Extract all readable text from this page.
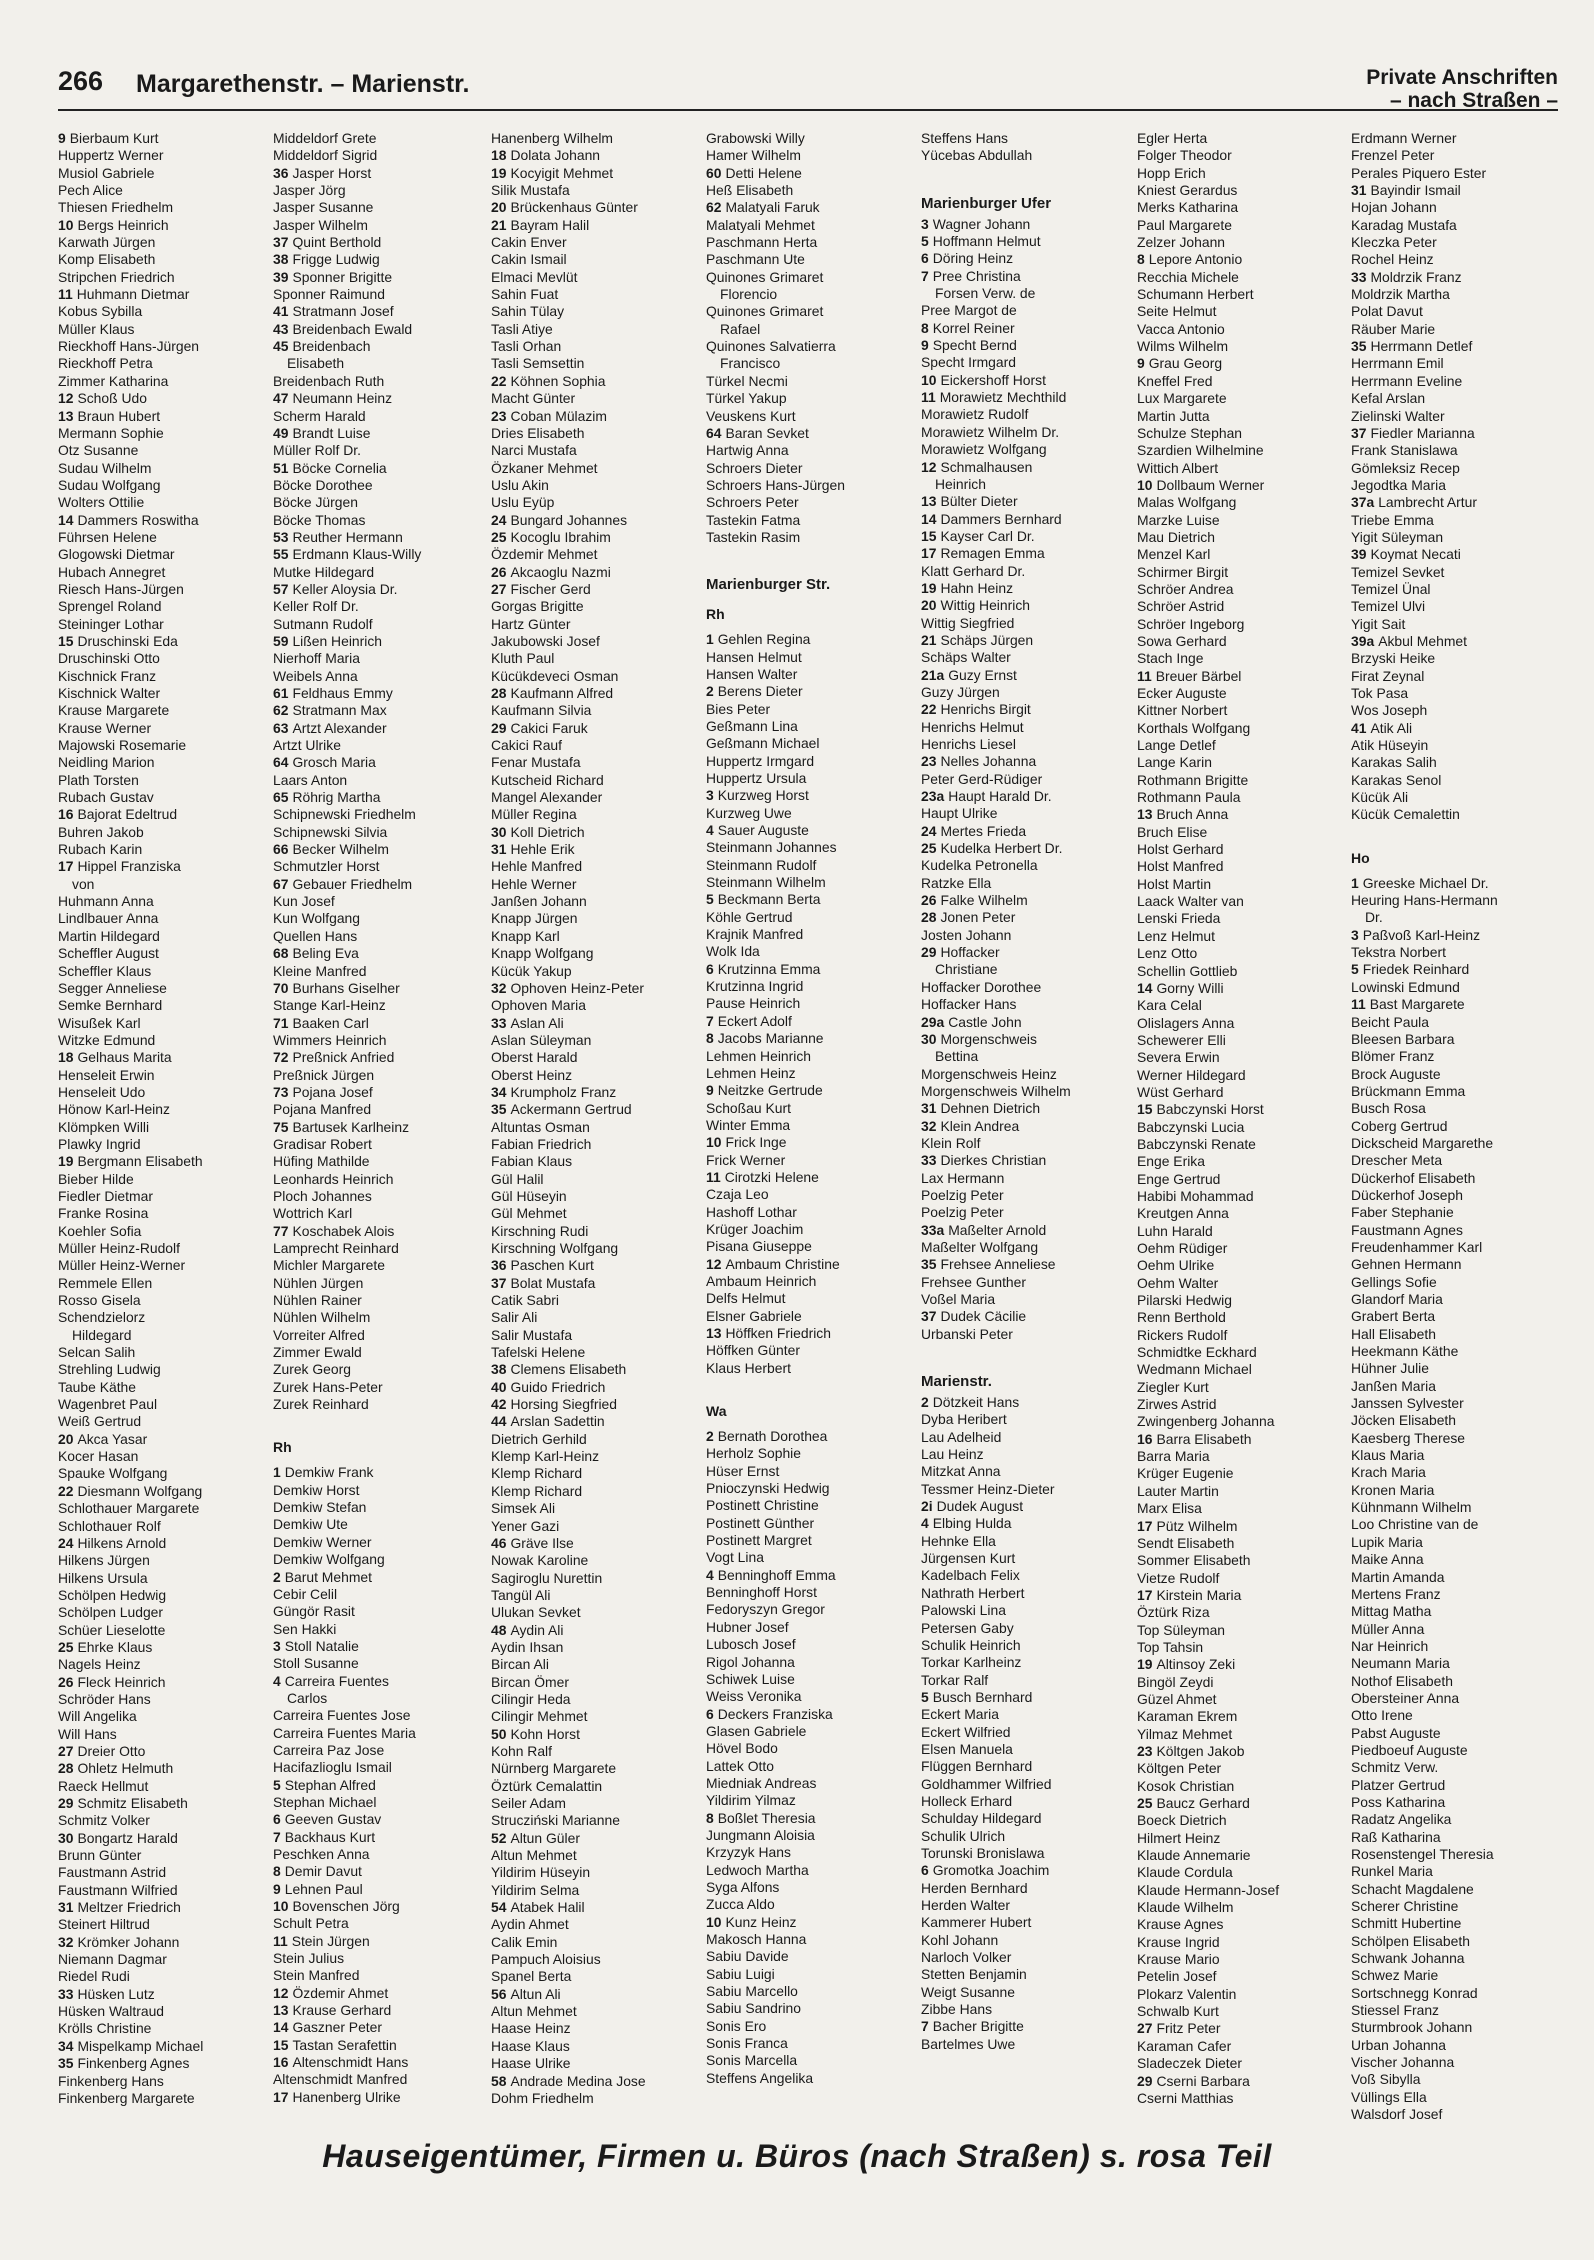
266 Margarethenstr. – Marienstr.	Private Anschriften
– nach Straßen –
9 Bierbaum Kurt
Huppertz Werner
Musiol Gabriele
Pech Alice
Thiesen Friedhelm
10 Bergs Heinrich
Karwath Jürgen
Komp Elisabeth
Stripchen Friedrich
11 Huhmann Dietmar
Kobus Sybilla
Müller Klaus
Rieckhoff Hans-Jürgen
Rieckhoff Petra
Zimmer Katharina
12 Schoß Udo
13 Braun Hubert
Mermann Sophie
Otz Susanne
Sudau Wilhelm
Sudau Wolfgang
Wolters Ottilie
14 Dammers Roswitha
Führsen Helene
Glogowski Dietmar
Hubach Annegret
Riesch Hans-Jürgen
Sprengel Roland
Steininger Lothar
15 Druschinski Eda
Druschinski Otto
Kischnick Franz
Kischnick Walter
Krause Margarete
Krause Werner
Majowski Rosemarie
Neidling Marion
Plath Torsten
Rubach Gustav
16 Bajorat Edeltrud
Buhren Jakob
Rubach Karin
17 Hippel Franziska
von
Huhmann Anna
Lindlbauer Anna
Martin Hildegard
Scheffler August
Scheffler Klaus
Segger Anneliese
Semke Bernhard
Wisußek Karl
Witzke Edmund
18 Gelhaus Marita
Henseleit Erwin
Henseleit Udo
Hönow Karl-Heinz
Klömpken Willi
Plawky Ingrid
19 Bergmann Elisabeth
Bieber Hilde
Fiedler Dietmar
Franke Rosina
Koehler Sofia
Müller Heinz-Rudolf
Müller Heinz-Werner
Remmele Ellen
Rosso Gisela
Schendzielorz
Hildegard
Selcan Salih
Strehling Ludwig
Taube Käthe
Wagenbret Paul
Weiß Gertrud
20 Akca Yasar
Kocer Hasan
Spauke Wolfgang
22 Diesmann Wolfgang
Schlothauer Margarete
Schlothauer Rolf
24 Hilkens Arnold
Hilkens Jürgen
Hilkens Ursula
Schölpen Hedwig
Schölpen Ludger
Schüer Lieselotte
25 Ehrke Klaus
Nagels Heinz
26 Fleck Heinrich
Schröder Hans
Will Angelika
Will Hans
27 Dreier Otto
28 Ohletz Helmuth
Raeck Hellmut
29 Schmitz Elisabeth
Schmitz Volker
30 Bongartz Harald
Brunn Günter
Faustmann Astrid
Faustmann Wilfried
31 Meltzer Friedrich
Steinert Hiltrud
32 Krömker Johann
Niemann Dagmar
Riedel Rudi
33 Hüsken Lutz
Hüsken Waltraud
Krölls Christine
34 Mispelkamp Michael
35 Finkenberg Agnes
Finkenberg Hans
Finkenberg Margarete
Middeldorf Grete
Middeldorf Sigrid
36 Jasper Horst
Jasper Jörg
Jasper Susanne
Jasper Wilhelm
37 Quint Berthold
38 Frigge Ludwig
39 Sponner Brigitte
Sponner Raimund
41 Stratmann Josef
43 Breidenbach Ewald
45 Breidenbach
Elisabeth
Breidenbach Ruth
47 Neumann Heinz
Scherm Harald
49 Brandt Luise
Müller Rolf Dr.
51 Böcke Cornelia
Böcke Dorothee
Böcke Jürgen
Böcke Thomas
53 Reuther Hermann
55 Erdmann Klaus-Willy
Mutke Hildegard
57 Keller Aloysia Dr.
Keller Rolf Dr.
Sutmann Rudolf
59 Lißen Heinrich
Nierhoff Maria
Weibels Anna
61 Feldhaus Emmy
62 Stratmann Max
63 Artzt Alexander
Artzt Ulrike
64 Grosch Maria
Laars Anton
65 Röhrig Martha
Schipnewski Friedhelm
Schipnewski Silvia
66 Becker Wilhelm
Schmutzler Horst
67 Gebauer Friedhelm
Kun Josef
Kun Wolfgang
Quellen Hans
68 Beling Eva
Kleine Manfred
70 Burhans Giselher
Stange Karl-Heinz
71 Baaken Carl
Wimmers Heinrich
72 Preßnick Anfried
Preßnick Jürgen
73 Pojana Josef
Pojana Manfred
75 Bartusek Karlheinz
Gradisar Robert
Hüfing Mathilde
Leonhards Heinrich
Ploch Johannes
Wottrich Karl
77 Koschabek Alois
Lamprecht Reinhard
Michler Margarete
Nühlen Jürgen
Nühlen Rainer
Nühlen Wilhelm
Vorreiter Alfred
Zimmer Ewald
Zurek Georg
Zurek Hans-Peter
Zurek Reinhard
Rh
1 Demkiw Frank
Demkiw Horst
Demkiw Stefan
Demkiw Ute
Demkiw Werner
Demkiw Wolfgang
2 Barut Mehmet
Cebir Celil
Güngör Rasit
Sen Hakki
3 Stoll Natalie
Stoll Susanne
4 Carreira Fuentes
Carlos
Carreira Fuentes Jose
Carreira Fuentes Maria
Carreira Paz Jose
Hacifazlioglu Ismail
5 Stephan Alfred
Stephan Michael
6 Geeven Gustav
7 Backhaus Kurt
Peschken Anna
8 Demir Davut
9 Lehnen Paul
10 Bovenschen Jörg
Schult Petra
11 Stein Jürgen
Stein Julius
Stein Manfred
12 Özdemir Ahmet
13 Krause Gerhard
14 Gaszner Peter
15 Tastan Serafettin
16 Altenschmidt Hans
Altenschmidt Manfred
17 Hanenberg Ulrike
Hanenberg Wilhelm
18 Dolata Johann
19 Kocyigit Mehmet
Silik Mustafa
20 Brückenhaus Günter
21 Bayram Halil
Cakin Enver
Cakin Ismail
Elmaci Mevlüt
Sahin Fuat
Sahin Tülay
Tasli Atiye
Tasli Orhan
Tasli Semsettin
22 Köhnen Sophia
Macht Günter
23 Coban Mülazim
Dries Elisabeth
Narci Mustafa
Özkaner Mehmet
Uslu Akin
Uslu Eyüp
24 Bungard Johannes
25 Kocoglu Ibrahim
Özdemir Mehmet
26 Akcaoglu Nazmi
27 Fischer Gerd
Gorgas Brigitte
Hartz Günter
Jakubowski Josef
Kluth Paul
Kücükdeveci Osman
28 Kaufmann Alfred
Kaufmann Silvia
29 Cakici Faruk
Cakici Rauf
Fenar Mustafa
Kutscheid Richard
Mangel Alexander
Müller Regina
30 Koll Dietrich
31 Hehle Erik
Hehle Manfred
Hehle Werner
Janßen Johann
Knapp Jürgen
Knapp Karl
Knapp Wolfgang
Kücük Yakup
32 Ophoven Heinz-Peter
Ophoven Maria
33 Aslan Ali
Aslan Süleyman
Oberst Harald
Oberst Heinz
34 Krumpholz Franz
35 Ackermann Gertrud
Altuntas Osman
Fabian Friedrich
Fabian Klaus
Gül Halil
Gül Hüseyin
Gül Mehmet
Kirschning Rudi
Kirschning Wolfgang
36 Paschen Kurt
37 Bolat Mustafa
Catik Sabri
Salir Ali
Salir Mustafa
Tafelski Helene
38 Clemens Elisabeth
40 Guido Friedrich
42 Horsing Siegfried
44 Arslan Sadettin
Dietrich Gerhild
Klemp Karl-Heinz
Klemp Richard
Klemp Richard
Simsek Ali
Yener Gazi
46 Gräve Ilse
Nowak Karoline
Sagiroglu Nurettin
Tangül Ali
Ulukan Sevket
48 Aydin Ali
Aydin Ihsan
Bircan Ali
Bircan Ömer
Cilingir Heda
Cilingir Mehmet
50 Kohn Horst
Kohn Ralf
Nürnberg Margarete
Öztürk Cemalattin
Seiler Adam
Strucziński Marianne
52 Altun Güler
Altun Mehmet
Yildirim Hüseyin
Yildirim Selma
54 Atabek Halil
Aydin Ahmet
Calik Emin
Pampuch Aloisius
Spanel Berta
56 Altun Ali
Altun Mehmet
Haase Heinz
Haase Klaus
Haase Ulrike
58 Andrade Medina Jose
Dohm Friedhelm
Grabowski Willy
Hamer Wilhelm
60 Detti Helene
Heß Elisabeth
62 Malatyali Faruk
Malatyali Mehmet
Paschmann Herta
Paschmann Ute
Quinones Grimaret
Florencio
Quinones Grimaret
Rafael
Quinones Salvatierra
Francisco
Türkel Necmi
Türkel Yakup
Veuskens Kurt
64 Baran Sevket
Hartwig Anna
Schroers Dieter
Schroers Hans-Jürgen
Schroers Peter
Tastekin Fatma
Tastekin Rasim
Marienburger Str.
Rh
1 Gehlen Regina
Hansen Helmut
Hansen Walter
2 Berens Dieter
Bies Peter
Geßmann Lina
Geßmann Michael
Huppertz Irmgard
Huppertz Ursula
3 Kurzweg Horst
Kurzweg Uwe
4 Sauer Auguste
Steinmann Johannes
Steinmann Rudolf
Steinmann Wilhelm
5 Beckmann Berta
Köhle Gertrud
Krajnik Manfred
Wolk Ida
6 Krutzinna Emma
Krutzinna Ingrid
Pause Heinrich
7 Eckert Adolf
8 Jacobs Marianne
Lehmen Heinrich
Lehmen Heinz
9 Neitzke Gertrude
Schoßau Kurt
Winter Emma
10 Frick Inge
Frick Werner
11 Cirotzki Helene
Czaja Leo
Hashoff Lothar
Krüger Joachim
Pisana Giuseppe
12 Ambaum Christine
Ambaum Heinrich
Delfs Helmut
Elsner Gabriele
13 Höffken Friedrich
Höffken Günter
Klaus Herbert
Wa
2 Bernath Dorothea
Herholz Sophie
Hüser Ernst
Pnioczynski Hedwig
Postinett Christine
Postinett Günther
Postinett Margret
Vogt Lina
4 Benninghoff Emma
Benninghoff Horst
Fedoryszyn Gregor
Hubner Josef
Lubosch Josef
Rigol Johanna
Schiwek Luise
Weiss Veronika
6 Deckers Franziska
Glasen Gabriele
Hövel Bodo
Lattek Otto
Miedniak Andreas
Yildirim Yilmaz
8 Boßlet Theresia
Jungmann Aloisia
Krzyzyk Hans
Ledwoch Martha
Syga Alfons
Zucca Aldo
10 Kunz Heinz
Makosch Hanna
Sabiu Davide
Sabiu Luigi
Sabiu Marcello
Sabiu Sandrino
Sonis Ero
Sonis Franca
Sonis Marcella
Steffens Angelika
Steffens Hans
Yücebas Abdullah
Marienburger Ufer
3 Wagner Johann
5 Hoffmann Helmut
6 Döring Heinz
7 Pree Christina
Forsen Verw. de
Pree Margot de
8 Korrel Reiner
9 Specht Bernd
Specht Irmgard
10 Eickershoff Horst
11 Morawietz Mechthild
Morawietz Rudolf
Morawietz Wilhelm Dr.
Morawietz Wolfgang
12 Schmalhausen
Heinrich
13 Bülter Dieter
14 Dammers Bernhard
15 Kayser Carl Dr.
17 Remagen Emma
Klatt Gerhard Dr.
19 Hahn Heinz
20 Wittig Heinrich
Wittig Siegfried
21 Schäps Jürgen
Schäps Walter
21a Guzy Ernst
Guzy Jürgen
22 Henrichs Birgit
Henrichs Helmut
Henrichs Liesel
23 Nelles Johanna
Peter Gerd-Rüdiger
23a Haupt Harald Dr.
Haupt Ulrike
24 Mertes Frieda
25 Kudelka Herbert Dr.
Kudelka Petronella
Ratzke Ella
26 Falke Wilhelm
28 Jonen Peter
Josten Johann
29 Hoffacker
Christiane
Hoffacker Dorothee
Hoffacker Hans
29a Castle John
30 Morgenschweis
Bettina
Morgenschweis Heinz
Morgenschweis Wilhelm
31 Dehnen Dietrich
32 Klein Andrea
Klein Rolf
33 Dierkes Christian
Lax Hermann
Poelzig Peter
Poelzig Peter
33a Maßelter Arnold
Maßelter Wolfgang
35 Frehsee Anneliese
Frehsee Gunther
Voßel Maria
37 Dudek Cäcilie
Urbanski Peter
Marienstr.
2 Dötzkeit Hans
Dyba Heribert
Lau Adelheid
Lau Heinz
Mitzkat Anna
Tessmer Heinz-Dieter
2i Dudek August
4 Elbing Hulda
Hehnke Ella
Jürgensen Kurt
Kadelbach Felix
Nathrath Herbert
Palowski Lina
Petersen Gaby
Schulik Heinrich
Torkar Karlheinz
Torkar Ralf
5 Busch Bernhard
Eckert Maria
Eckert Wilfried
Elsen Manuela
Flüggen Bernhard
Goldhammer Wilfried
Holleck Erhard
Schulday Hildegard
Schulik Ulrich
Torunski Bronislawa
6 Gromotka Joachim
Herden Bernhard
Herden Walter
Kammerer Hubert
Kohl Johann
Narloch Volker
Stetten Benjamin
Weigt Susanne
Zibbe Hans
7 Bacher Brigitte
Bartelmes Uwe
Egler Herta
Folger Theodor
Hopp Erich
Kniest Gerardus
Merks Katharina
Paul Margarete
Zelzer Johann
8 Lepore Antonio
Recchia Michele
Schumann Herbert
Seite Helmut
Vacca Antonio
Wilms Wilhelm
9 Grau Georg
Kneffel Fred
Lux Margarete
Martin Jutta
Schulze Stephan
Szardien Wilhelmine
Wittich Albert
10 Dollbaum Werner
Malas Wolfgang
Marzke Luise
Mau Dietrich
Menzel Karl
Schirmer Birgit
Schröer Andrea
Schröer Astrid
Schröer Ingeborg
Sowa Gerhard
Stach Inge
11 Breuer Bärbel
Ecker Auguste
Kittner Norbert
Korthals Wolfgang
Lange Detlef
Lange Karin
Rothmann Brigitte
Rothmann Paula
13 Bruch Anna
Bruch Elise
Holst Gerhard
Holst Manfred
Holst Martin
Laack Walter van
Lenski Frieda
Lenz Helmut
Lenz Otto
Schellin Gottlieb
14 Gorny Willi
Kara Celal
Olislagers Anna
Schewerer Elli
Severa Erwin
Werner Hildegard
Wüst Gerhard
15 Babczynski Horst
Babczynski Lucia
Babczynski Renate
Enge Erika
Enge Gertrud
Habibi Mohammad
Kreutgen Anna
Luhn Harald
Oehm Rüdiger
Oehm Ulrike
Oehm Walter
Pilarski Hedwig
Renn Berthold
Rickers Rudolf
Schmidtke Eckhard
Wedmann Michael
Ziegler Kurt
Zirwes Astrid
Zwingenberg Johanna
16 Barra Elisabeth
Barra Maria
Krüger Eugenie
Lauter Martin
Marx Elisa
17 Pütz Wilhelm
Sendt Elisabeth
Sommer Elisabeth
Vietze Rudolf
17 Kirstein Maria
Öztürk Riza
Top Süleyman
Top Tahsin
19 Altinsoy Zeki
Bingöl Zeydi
Güzel Ahmet
Karaman Ekrem
Yilmaz Mehmet
23 Költgen Jakob
Költgen Peter
Kosok Christian
25 Baucz Gerhard
Boeck Dietrich
Hilmert Heinz
Klaude Annemarie
Klaude Cordula
Klaude Hermann-Josef
Klaude Wilhelm
Krause Agnes
Krause Ingrid
Krause Mario
Petelin Josef
Plokarz Valentin
Schwalb Kurt
27 Fritz Peter
Karaman Cafer
Sladeczek Dieter
29 Cserni Barbara
Cserni Matthias
Erdmann Werner
Frenzel Peter
Perales Piquero Ester
31 Bayindir Ismail
Hojan Johann
Karadag Mustafa
Kleczka Peter
Rochel Heinz
33 Moldrzik Franz
Moldrzik Martha
Polat Davut
Räuber Marie
35 Herrmann Detlef
Herrmann Emil
Herrmann Eveline
Kefal Arslan
Zielinski Walter
37 Fiedler Marianna
Frank Stanislawa
Gömleksiz Recep
Jegodtka Maria
37a Lambrecht Artur
Triebe Emma
Yigit Süleyman
39 Koymat Necati
Temizel Sevket
Temizel Ünal
Temizel Ulvi
Yigit Sait
39a Akbul Mehmet
Brzyski Heike
Firat Zeynal
Tok Pasa
Wos Joseph
41 Atik Ali
Atik Hüseyin
Karakas Salih
Karakas Senol
Kücük Ali
Kücük Cemalettin
Ho
1 Greeske Michael Dr.
Heuring Hans-Hermann
Dr.
3 Paßvoß Karl-Heinz
Tekstra Norbert
5 Friedek Reinhard
Lowinski Edmund
11 Bast Margarete
Beicht Paula
Bleesen Barbara
Blömer Franz
Brock Auguste
Brückmann Emma
Busch Rosa
Coberg Gertrud
Dickscheid Margarethe
Drescher Meta
Dückerhof Elisabeth
Dückerhof Joseph
Faber Stephanie
Faustmann Agnes
Freudenhammer Karl
Gehnen Hermann
Gellings Sofie
Glandorf Maria
Grabert Berta
Hall Elisabeth
Heekmann Käthe
Hühner Julie
Janßen Maria
Janssen Sylvester
Jöcken Elisabeth
Kaesberg Therese
Klaus Maria
Krach Maria
Kronen Maria
Kühnmann Wilhelm
Loo Christine van de
Lupik Maria
Maike Anna
Martin Amanda
Mertens Franz
Mittag Matha
Müller Anna
Nar Heinrich
Neumann Maria
Nothof Elisabeth
Obersteiner Anna
Otto Irene
Pabst Auguste
Piedboeuf Auguste
Schmitz Verw.
Platzer Gertrud
Poss Katharina
Radatz Angelika
Raß Katharina
Rosenstengel Theresia
Runkel Maria
Schacht Magdalene
Scherer Christine
Schmitt Hubertine
Schölpen Elisabeth
Schwank Johanna
Schwez Marie
Sortschnegg Konrad
Stiessel Franz
Sturmbrook Johann
Urban Johanna
Vischer Johanna
Voß Sibylla
Vüllings Ella
Walsdorf Josef
Hauseigentümer, Firmen u. Büros (nach Straßen) s. rosa Teil
